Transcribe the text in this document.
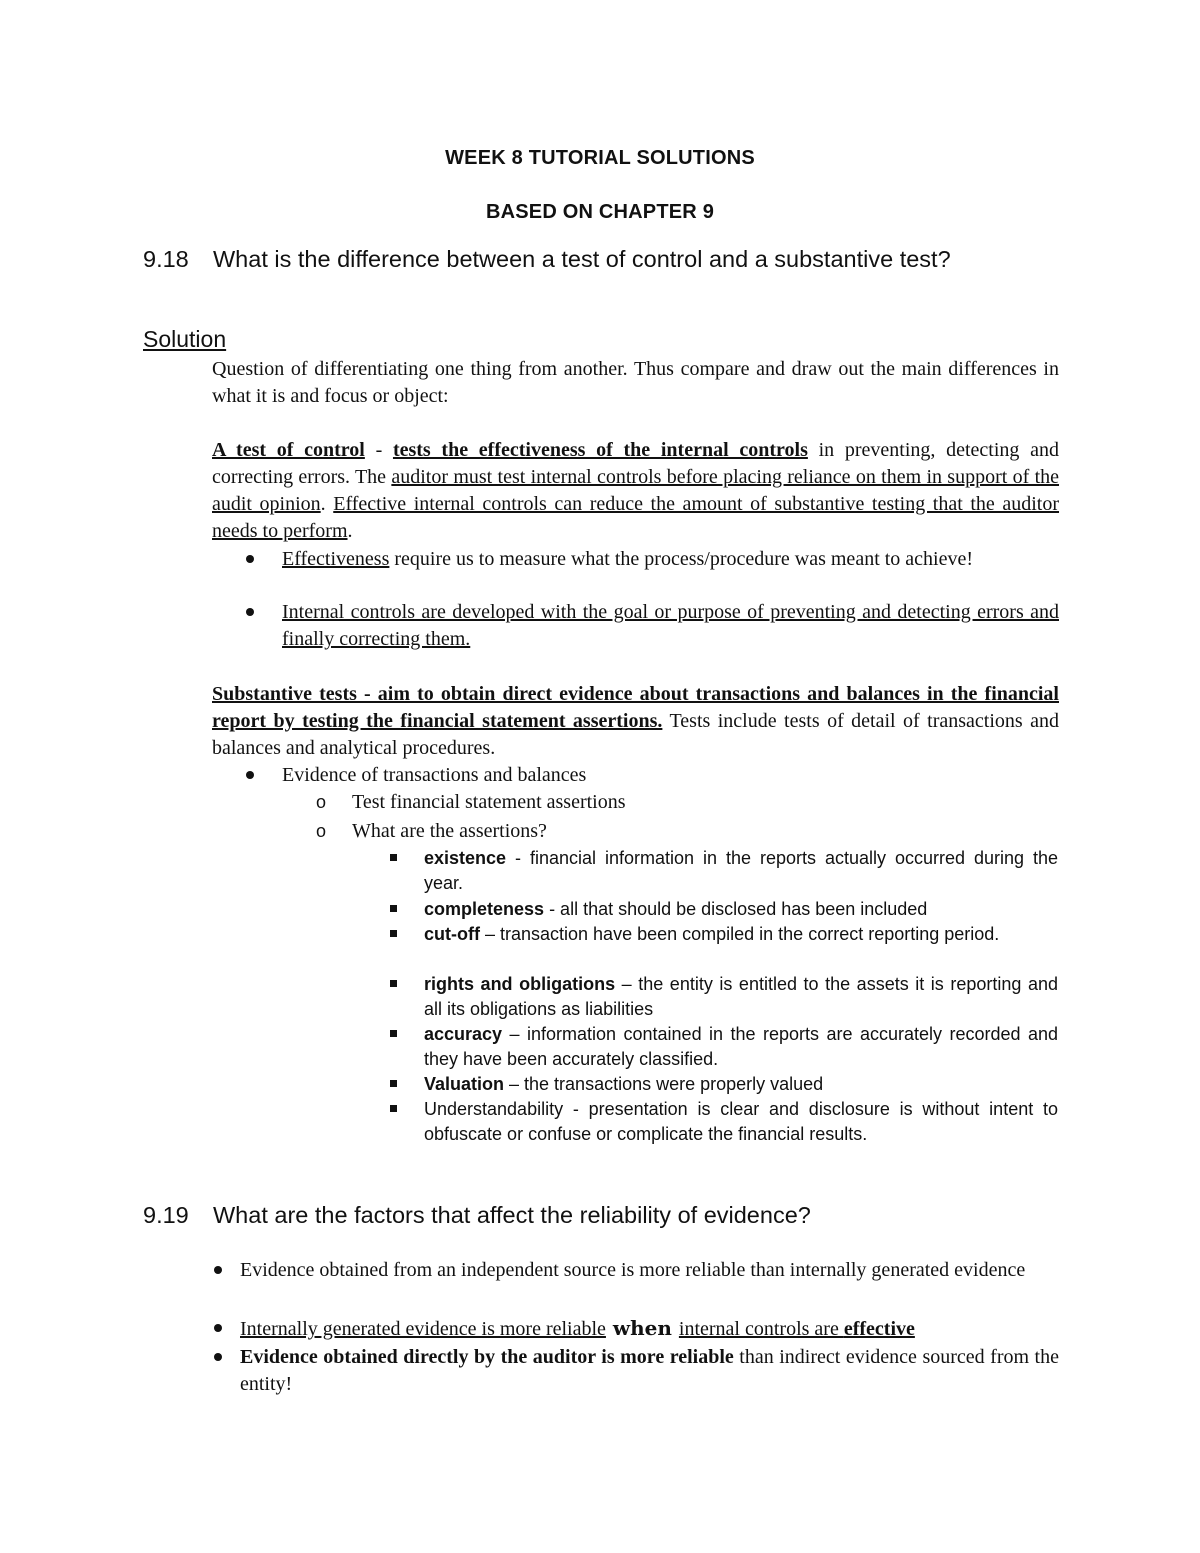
WEEK 8 TUTORIAL SOLUTIONS
BASED ON CHAPTER 9
9.18 What is the difference between a test of control and a substantive test?
Solution
Question of differentiating one thing from another. Thus compare and draw out the main differences in what it is and focus or object:
A test of control - tests the effectiveness of the internal controls in preventing, detecting and correcting errors. The auditor must test internal controls before placing reliance on them in support of the audit opinion. Effective internal controls can reduce the amount of substantive testing that the auditor needs to perform.
Effectiveness require us to measure what the process/procedure was meant to achieve!
Internal controls are developed with the goal or purpose of preventing and detecting errors and finally correcting them.
Substantive tests - aim to obtain direct evidence about transactions and balances in the financial report by testing the financial statement assertions. Tests include tests of detail of transactions and balances and analytical procedures.
Evidence of transactions and balances
o Test financial statement assertions
o What are the assertions?
existence - financial information in the reports actually occurred during the year.
completeness - all that should be disclosed has been included
cut-off – transaction have been compiled in the correct reporting period.
rights and obligations – the entity is entitled to the assets it is reporting and all its obligations as liabilities
accuracy – information contained in the reports are accurately recorded and they have been accurately classified.
Valuation – the transactions were properly valued
Understandability - presentation is clear and disclosure is without intent to obfuscate or confuse or complicate the financial results.
9.19 What are the factors that affect the reliability of evidence?
Evidence obtained from an independent source is more reliable than internally generated evidence
Internally generated evidence is more reliable when internal controls are effective
Evidence obtained directly by the auditor is more reliable than indirect evidence sourced from the entity!
